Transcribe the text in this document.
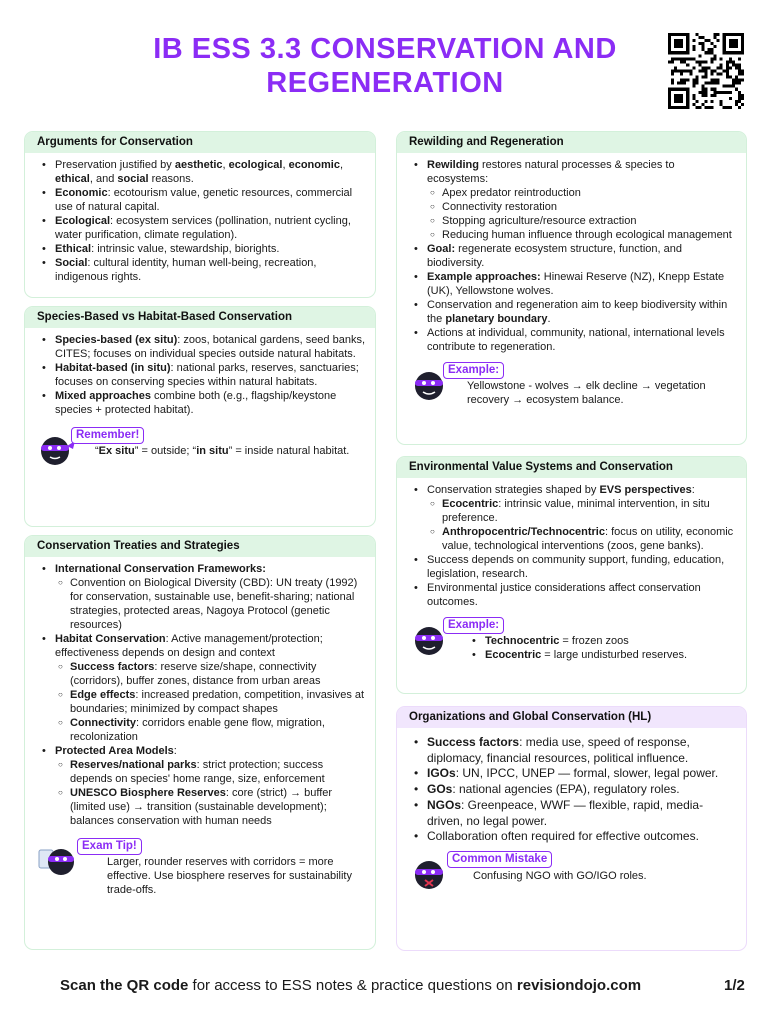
IB ESS 3.3 CONSERVATION AND REGENERATION
Arguments for Conservation
• Preservation justified by aesthetic, ecological, economic, ethical, and social reasons.
• Economic: ecotourism value, genetic resources, commercial use of natural capital.
• Ecological: ecosystem services (pollination, nutrient cycling, water purification, climate regulation).
• Ethical: intrinsic value, stewardship, biorights.
• Social: cultural identity, human well-being, recreation, indigenous rights.
Species-Based vs Habitat-Based Conservation
• Species-based (ex situ): zoos, botanical gardens, seed banks, CITES; focuses on individual species outside natural habitats.
• Habitat-based (in situ): national parks, reserves, sanctuaries; focuses on conserving species within natural habitats.
• Mixed approaches combine both (e.g., flagship/keystone species + protected habitat).
Remember!
“Ex situ” = outside; “in situ” = inside natural habitat.
Conservation Treaties and Strategies
• International Conservation Frameworks:
○ Convention on Biological Diversity (CBD): UN treaty (1992) for conservation, sustainable use, benefit-sharing; national strategies, protected areas, Nagoya Protocol (genetic resources)
• Habitat Conservation: Active management/protection; effectiveness depends on design and context
○ Success factors: reserve size/shape, connectivity (corridors), buffer zones, distance from urban areas
○ Edge effects: increased predation, competition, invasives at boundaries; minimized by compact shapes
○ Connectivity: corridors enable gene flow, migration, recolonization
• Protected Area Models:
○ Reserves/national parks: strict protection; success depends on species' home range, size, enforcement
○ UNESCO Biosphere Reserves: core (strict) → buffer (limited use) → transition (sustainable development); balances conservation with human needs
Exam Tip!
Larger, rounder reserves with corridors = more effective. Use biosphere reserves for sustainability trade-offs.
Rewilding and Regeneration
• Rewilding restores natural processes & species to ecosystems:
○ Apex predator reintroduction
○ Connectivity restoration
○ Stopping agriculture/resource extraction
○ Reducing human influence through ecological management
• Goal: regenerate ecosystem structure, function, and biodiversity.
• Example approaches: Hinewai Reserve (NZ), Knepp Estate (UK), Yellowstone wolves.
• Conservation and regeneration aim to keep biodiversity within the planetary boundary.
• Actions at individual, community, national, international levels contribute to regeneration.
Example:
Yellowstone - wolves → elk decline → vegetation recovery → ecosystem balance.
Environmental Value Systems and Conservation
• Conservation strategies shaped by EVS perspectives:
○ Ecocentric: intrinsic value, minimal intervention, in situ preference.
○ Anthropocentric/Technocentric: focus on utility, economic value, technological interventions (zoos, gene banks).
• Success depends on community support, funding, education, legislation, research.
• Environmental justice considerations affect conservation outcomes.
Example:
• Technocentric = frozen zoos
• Ecocentric = large undisturbed reserves.
Organizations and Global Conservation (HL)
• Success factors: media use, speed of response, diplomacy, financial resources, political influence.
• IGOs: UN, IPCC, UNEP — formal, slower, legal power.
• GOs: national agencies (EPA), regulatory roles.
• NGOs: Greenpeace, WWF — flexible, rapid, media-driven, no legal power.
• Collaboration often required for effective outcomes.
Common Mistake
Confusing NGO with GO/IGO roles.
Scan the QR code for access to ESS notes & practice questions on revisiondojo.com	1/2
